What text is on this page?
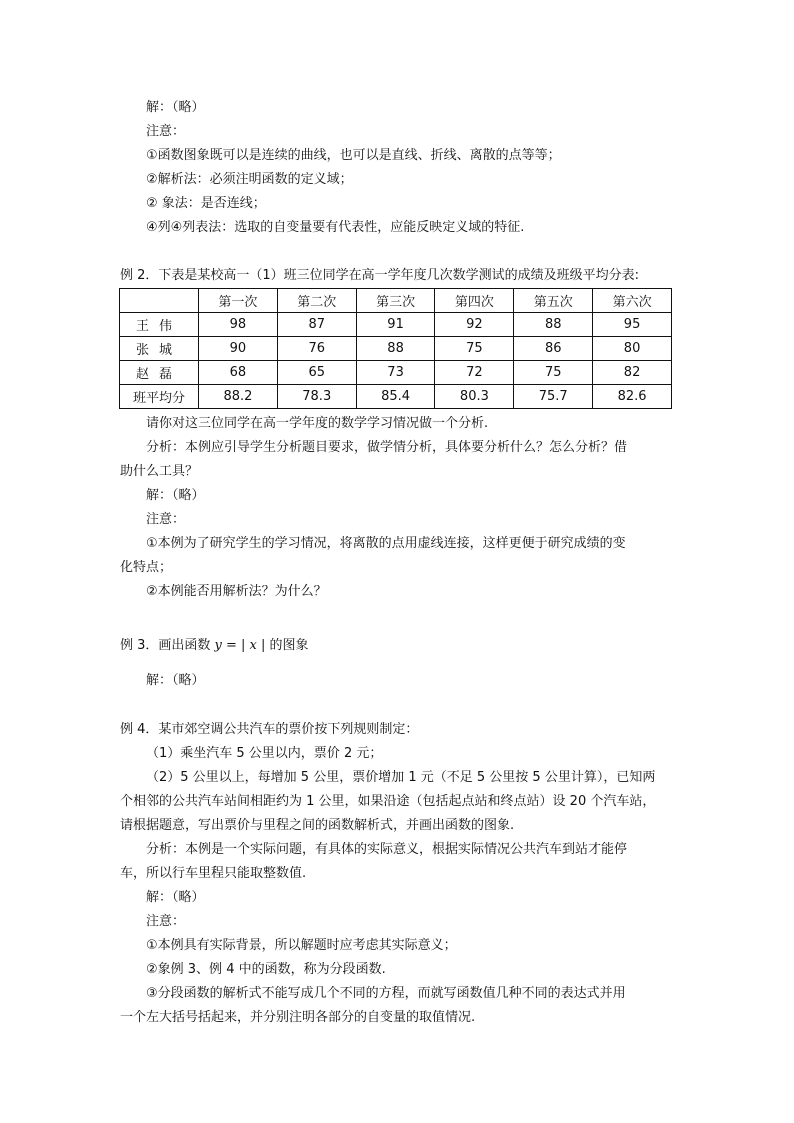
解：（略）
注意：
①函数图象既可以是连续的曲线，也可以是直线、折线、离散的点等等；
②解析法：必须注明函数的定义域；
② 象法：是否连线；
④列④列表法：选取的自变量要有代表性，应能反映定义域的特征.
例 2．下表是某校高一（1）班三位同学在高一学年度几次数学测试的成绩及班级平均分表:
	第一次	第二次	第三次	第四次	第五次	第六次
王伟	98	87	91	92	88	95
张城	90	76	88	75	86	80
赵磊	68	65	73	72	75	82
班平均分	88.2	78.3	85.4	80.3	75.7	82.6
请你对这三位同学在高一学年度的数学学习情况做一个分析.
分析：本例应引导学生分析题目要求，做学情分析，具体要分析什么？怎么分析？借
助什么工具？
解：（略）
注意：
①本例为了研究学生的学习情况，将离散的点用虚线连接，这样更便于研究成绩的变
化特点；
②本例能否用解析法？为什么？
例 3．画出函数 y = | x | 的图象
解：（略）
例 4．某市郊空调公共汽车的票价按下列规则制定：
（1）乘坐汽车 5 公里以内，票价 2 元；
（2）5 公里以上，每增加 5 公里，票价增加 1 元（不足 5 公里按 5 公里计算），已知两
个相邻的公共汽车站间相距约为 1 公里，如果沿途（包括起点站和终点站）设 20 个汽车站，
请根据题意，写出票价与里程之间的函数解析式，并画出函数的图象.
分析：本例是一个实际问题，有具体的实际意义，根据实际情况公共汽车到站才能停
车，所以行车里程只能取整数值.
解：（略）
注意：
①本例具有实际背景，所以解题时应考虑其实际意义；
②象例 3、例 4 中的函数，称为分段函数.
③分段函数的解析式不能写成几个不同的方程，而就写函数值几种不同的表达式并用
一个左大括号括起来，并分别注明各部分的自变量的取值情况.
